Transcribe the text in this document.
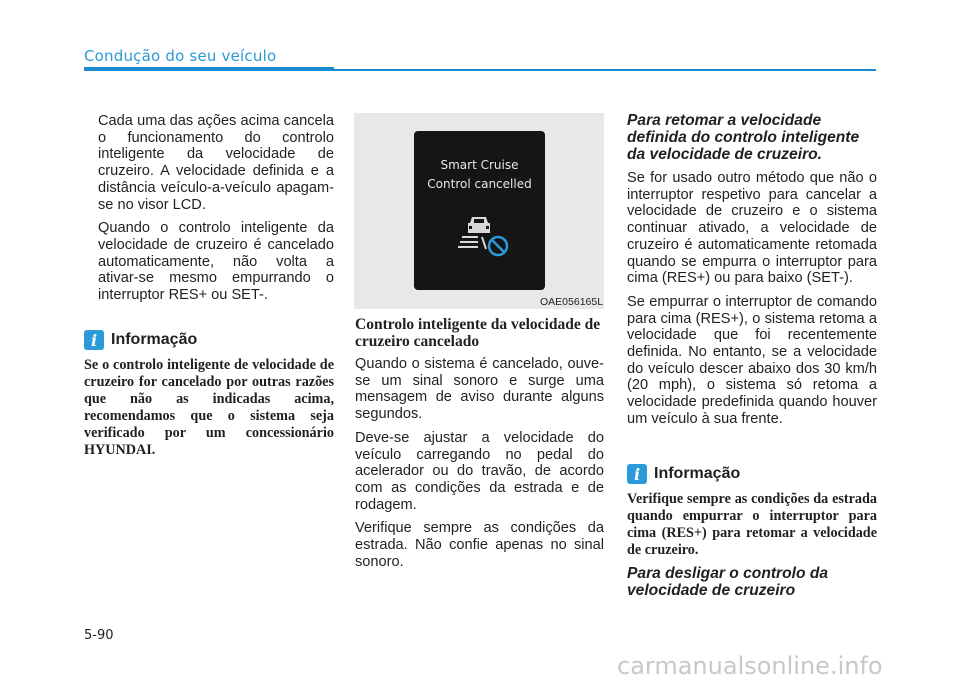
Condução do seu veículo

Cada uma das ações acima cancela o funcionamento do controlo inteligente da velocidade de cruzeiro. A velocidade definida e a distância veículo-a-veículo apagam-se no visor LCD.

Quando o controlo inteligente da velocidade de cruzeiro é cancelado automaticamente, não volta a ativar-se mesmo empurrando o interruptor RES+ ou SET-.

i Informação

Se o controlo inteligente de velocidade de cruzeiro for cancelado por outras razões que não as indicadas acima, recomendamos que o sistema seja verificado por um concessionário HYUNDAI.

Smart Cruise
Control cancelled
OAE056165L

Controlo inteligente da velocidade de cruzeiro cancelado

Quando o sistema é cancelado, ouve-se um sinal sonoro e surge uma mensagem de aviso durante alguns segundos.

Deve-se ajustar a velocidade do veículo carregando no pedal do acelerador ou do travão, de acordo com as condições da estrada e de rodagem.

Verifique sempre as condições da estrada. Não confie apenas no sinal sonoro.

Para retomar a velocidade definida do controlo inteligente da velocidade de cruzeiro.

Se for usado outro método que não o interruptor respetivo para cancelar a velocidade de cruzeiro e o sistema continuar ativado, a velocidade de cruzeiro é automaticamente retomada quando se empurra o interruptor para cima (RES+) ou para baixo (SET-).

Se empurrar o interruptor de comando para cima (RES+), o sistema retoma a velocidade que foi recentemente definida. No entanto, se a velocidade do veículo descer abaixo dos 30 km/h (20 mph), o sistema só retoma a velocidade predefinida quando houver um veículo à sua frente.

i Informação

Verifique sempre as condições da estrada quando empurrar o interruptor para cima (RES+) para retomar a velocidade de cruzeiro.

Para desligar o controlo da velocidade de cruzeiro

5-90
carmanualsonline.info
